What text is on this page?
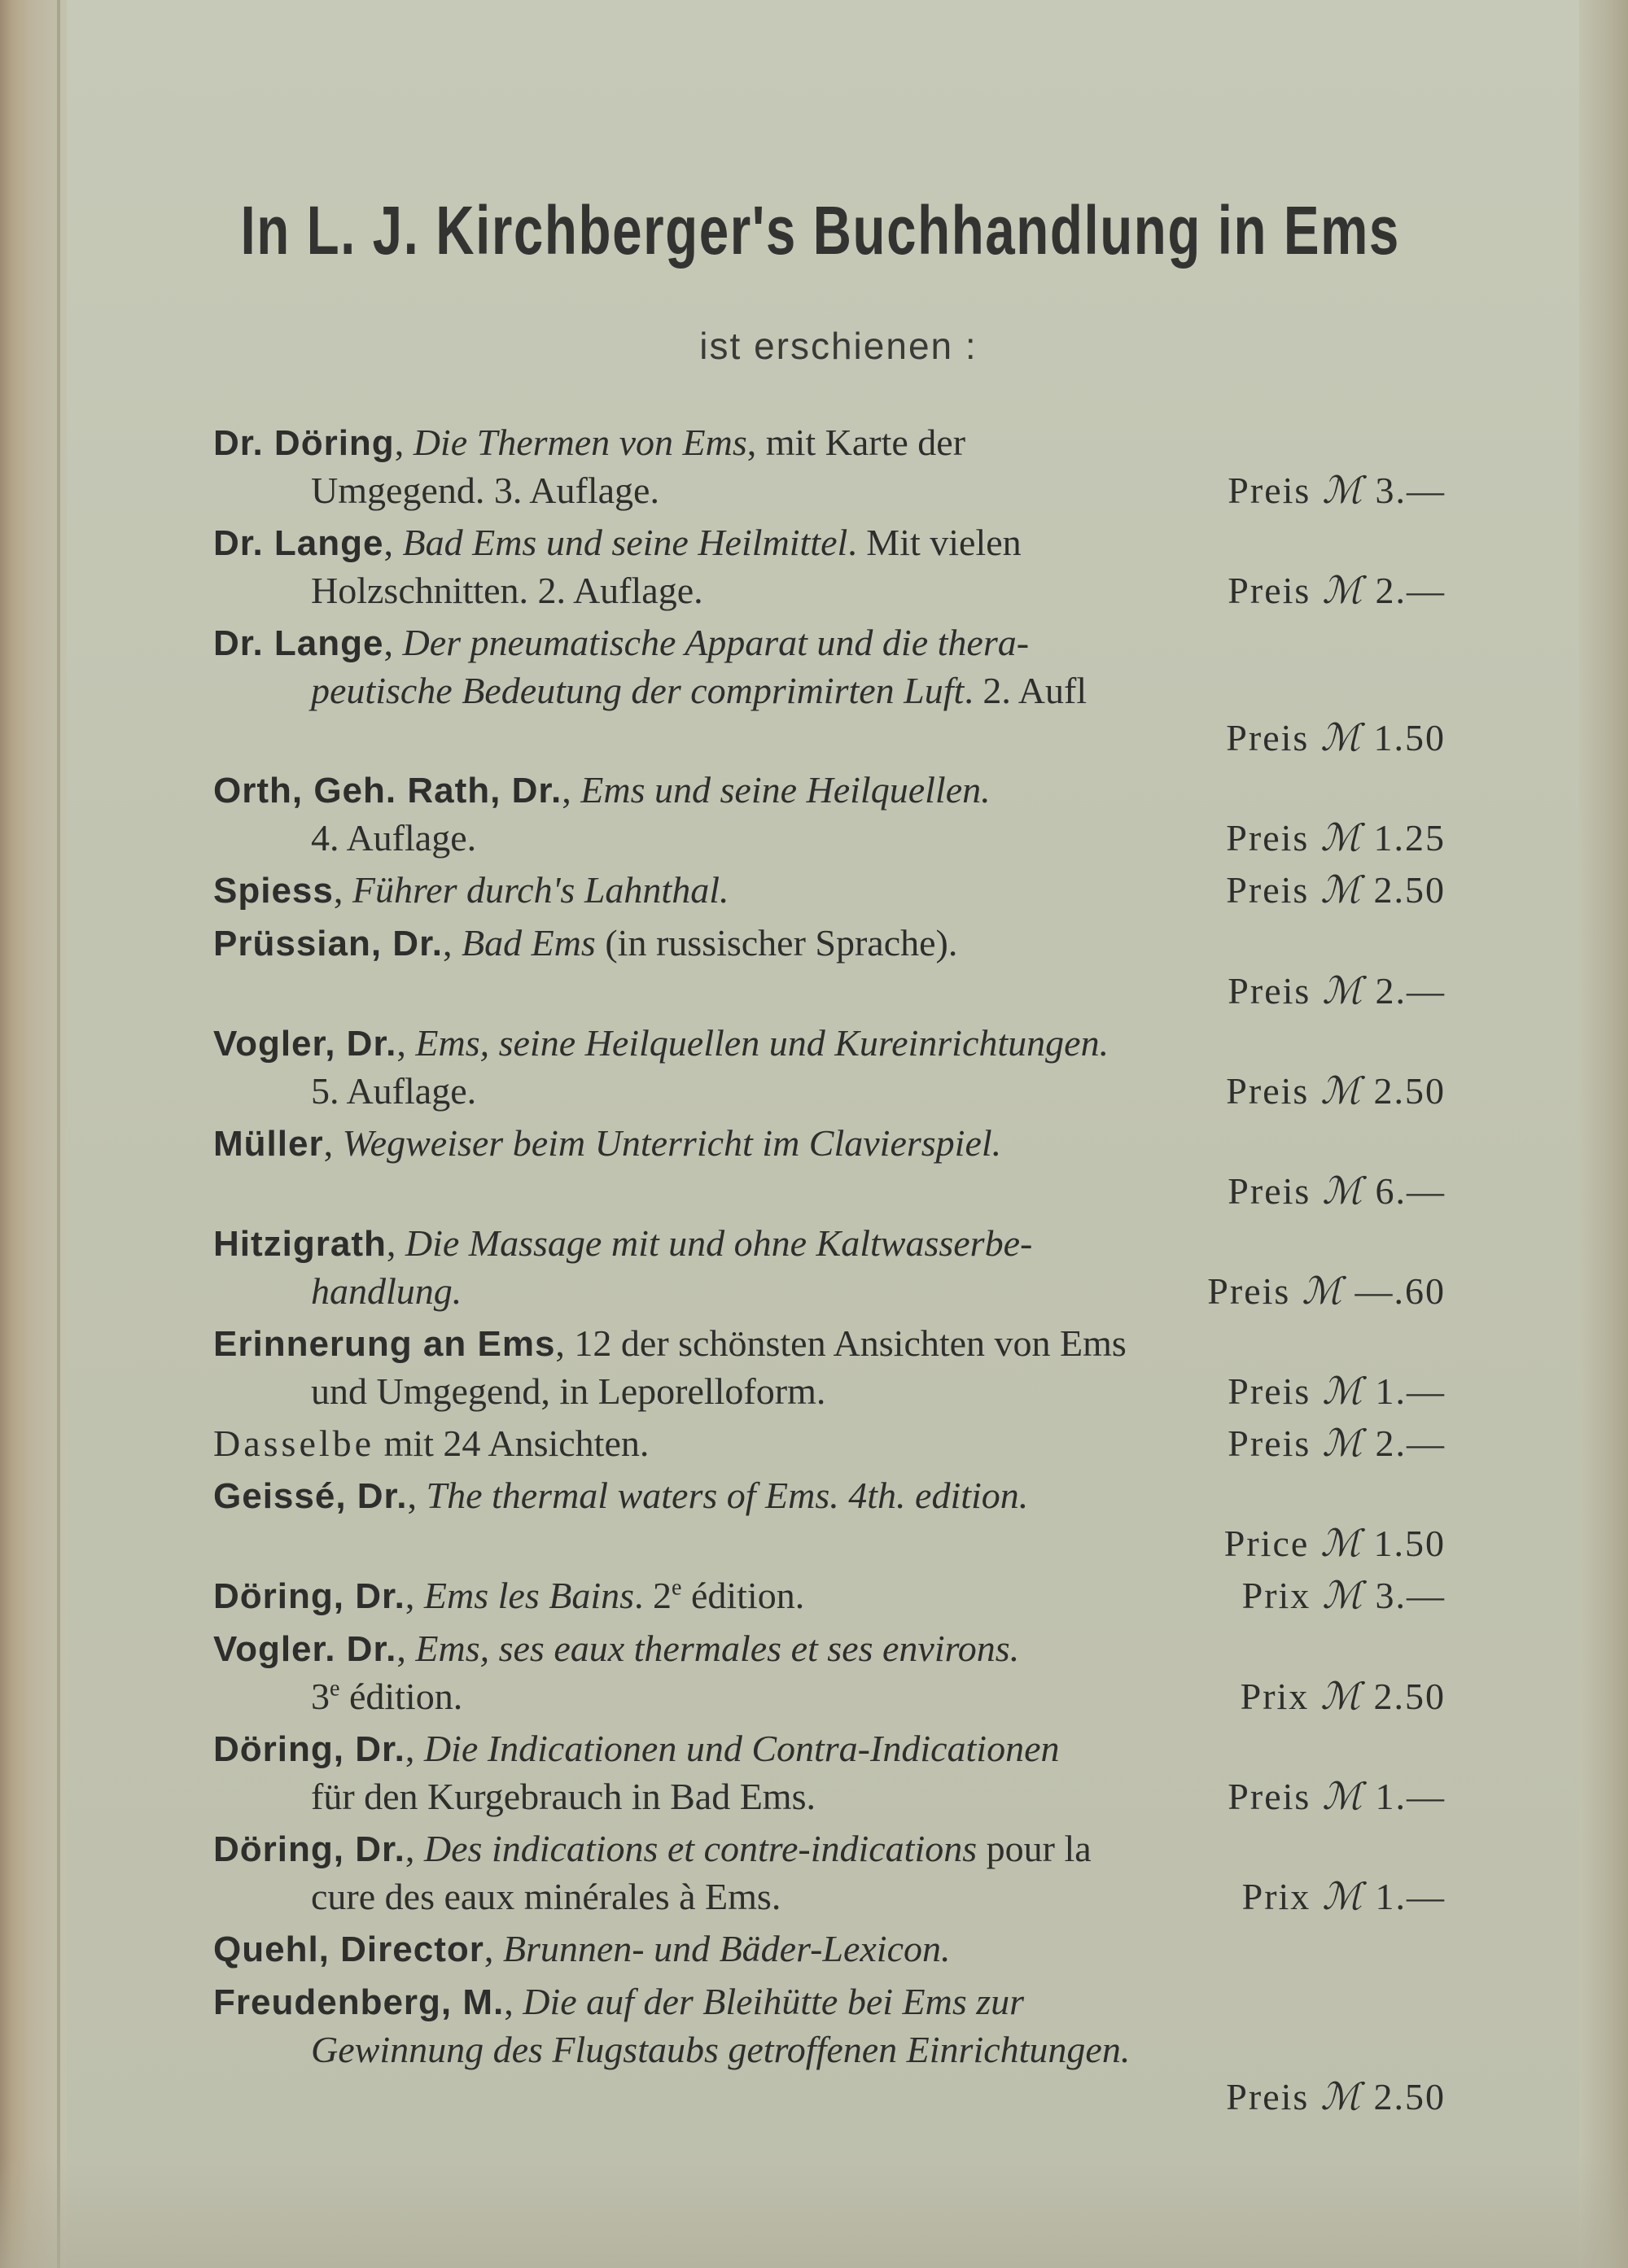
In L. J. Kirchberger's Buchhandlung in Ems
ist erschienen :
Dr. Döring, Die Thermen von Ems, mit Karte der
Umgegend. 3. Auflage.	Preis ℳ 3.—
Dr. Lange, Bad Ems und seine Heilmittel. Mit vielen
Holzschnitten. 2. Auflage.	Preis ℳ 2.—
Dr. Lange, Der pneumatische Apparat und die thera-
peutische Bedeutung der comprimirten Luft. 2. Aufl
Preis ℳ 1.50
Orth, Geh. Rath, Dr., Ems und seine Heilquellen.
4. Auflage.	Preis ℳ 1.25
Spiess, Führer durch's Lahnthal.	Preis ℳ 2.50
Prüssian, Dr., Bad Ems (in russischer Sprache).
Preis ℳ 2.—
Vogler, Dr., Ems, seine Heilquellen und Kureinrichtungen.
5. Auflage.	Preis ℳ 2.50
Müller, Wegweiser beim Unterricht im Clavierspiel.
Preis ℳ 6.—
Hitzigrath, Die Massage mit und ohne Kaltwasserbe-
handlung.	Preis ℳ —.60
Erinnerung an Ems, 12 der schönsten Ansichten von Ems
und Umgegend, in Leporelloform.	Preis ℳ 1.—
Dasselbe mit 24 Ansichten.	Preis ℳ 2.—
Geissé, Dr., The thermal waters of Ems. 4th. edition.
Price ℳ 1.50
Döring, Dr., Ems les Bains. 2e édition.	Prix ℳ 3.—
Vogler. Dr., Ems, ses eaux thermales et ses environs.
3e édition.	Prix ℳ 2.50
Döring, Dr., Die Indicationen und Contra-Indicationen
für den Kurgebrauch in Bad Ems.	Preis ℳ 1.—
Döring, Dr., Des indications et contre-indications pour la
cure des eaux minérales à Ems.	Prix ℳ 1.—
Quehl, Director, Brunnen- und Bäder-Lexicon.
Freudenberg, M., Die auf der Bleihütte bei Ems zur
Gewinnung des Flugstaubs getroffenen Einrichtungen.
Preis ℳ 2.50
